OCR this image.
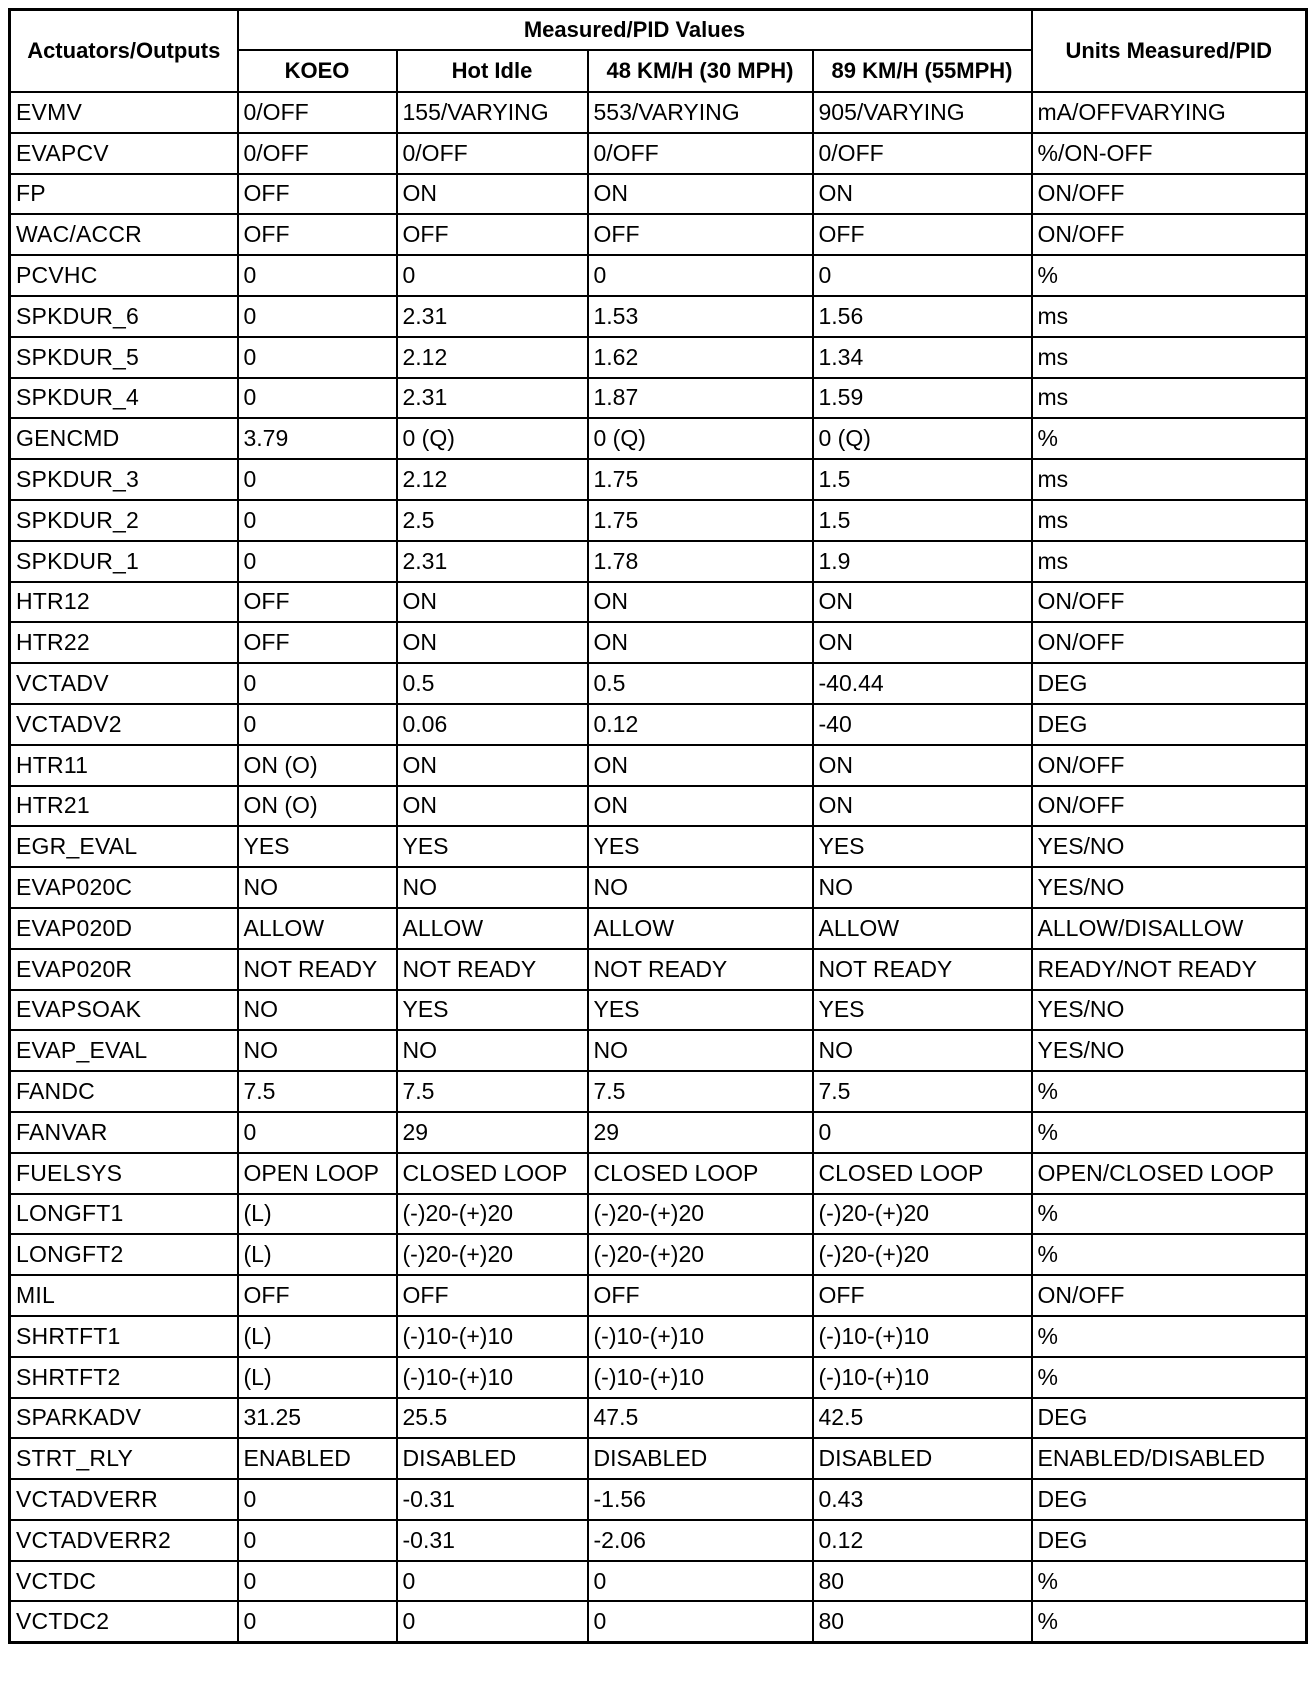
Actuators/Outputs	Measured/PID Values				Units Measured/PID
	KOEO	Hot Idle	48 KM/H (30 MPH)	89 KM/H (55MPH)	
EVMV	0/OFF	155/VARYING	553/VARYING	905/VARYING	mA/OFFVARYING
EVAPCV	0/OFF	0/OFF	0/OFF	0/OFF	%/ON-OFF
FP	OFF	ON	ON	ON	ON/OFF
WAC/ACCR	OFF	OFF	OFF	OFF	ON/OFF
PCVHC	0	0	0	0	%
SPKDUR_6	0	2.31	1.53	1.56	ms
SPKDUR_5	0	2.12	1.62	1.34	ms
SPKDUR_4	0	2.31	1.87	1.59	ms
GENCMD	3.79	0 (Q)	0 (Q)	0 (Q)	%
SPKDUR_3	0	2.12	1.75	1.5	ms
SPKDUR_2	0	2.5	1.75	1.5	ms
SPKDUR_1	0	2.31	1.78	1.9	ms
HTR12	OFF	ON	ON	ON	ON/OFF
HTR22	OFF	ON	ON	ON	ON/OFF
VCTADV	0	0.5	0.5	-40.44	DEG
VCTADV2	0	0.06	0.12	-40	DEG
HTR11	ON (O)	ON	ON	ON	ON/OFF
HTR21	ON (O)	ON	ON	ON	ON/OFF
EGR_EVAL	YES	YES	YES	YES	YES/NO
EVAP020C	NO	NO	NO	NO	YES/NO
EVAP020D	ALLOW	ALLOW	ALLOW	ALLOW	ALLOW/DISALLOW
EVAP020R	NOT READY	NOT READY	NOT READY	NOT READY	READY/NOT READY
EVAPSOAK	NO	YES	YES	YES	YES/NO
EVAP_EVAL	NO	NO	NO	NO	YES/NO
FANDC	7.5	7.5	7.5	7.5	%
FANVAR	0	29	29	0	%
FUELSYS	OPEN LOOP	CLOSED LOOP	CLOSED LOOP	CLOSED LOOP	OPEN/CLOSED LOOP
LONGFT1	(L)	(-)20-(+)20	(-)20-(+)20	(-)20-(+)20	%
LONGFT2	(L)	(-)20-(+)20	(-)20-(+)20	(-)20-(+)20	%
MIL	OFF	OFF	OFF	OFF	ON/OFF
SHRTFT1	(L)	(-)10-(+)10	(-)10-(+)10	(-)10-(+)10	%
SHRTFT2	(L)	(-)10-(+)10	(-)10-(+)10	(-)10-(+)10	%
SPARKADV	31.25	25.5	47.5	42.5	DEG
STRT_RLY	ENABLED	DISABLED	DISABLED	DISABLED	ENABLED/DISABLED
VCTADVERR	0	-0.31	-1.56	0.43	DEG
VCTADVERR2	0	-0.31	-2.06	0.12	DEG
VCTDC	0	0	0	80	%
VCTDC2	0	0	0	80	%
